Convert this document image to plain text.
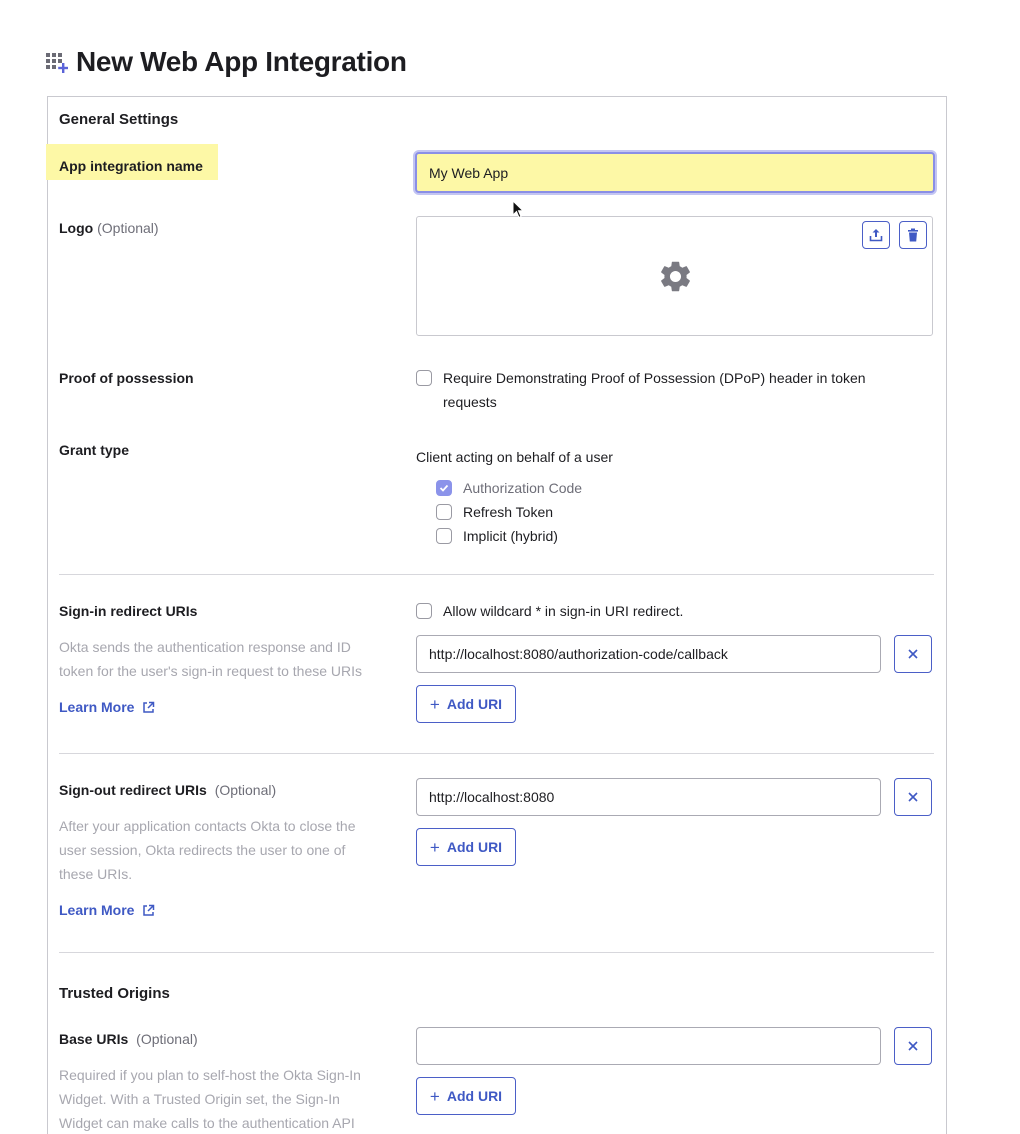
New Web App Integration
General Settings
App integration name
My Web App
Logo (Optional)
Proof of possession	Require Demonstrating Proof of Possession (DPoP) header in token
requests
Grant type	Client acting on behalf of a user
Authorization Code
Refresh Token
Implicit (hybrid)
Sign-in redirect URIs
Okta sends the authentication response and ID
token for the user's sign-in request to these URIs
Learn More
Allow wildcard * in sign-in URI redirect.
http://localhost:8080/authorization-code/callback
+ Add URI
Sign-out redirect URIs (Optional)
After your application contacts Okta to close the
user session, Okta redirects the user to one of
these URIs.
Learn More
http://localhost:8080
+ Add URI
Trusted Origins
Base URIs (Optional)
Required if you plan to self-host the Okta Sign-In
Widget. With a Trusted Origin set, the Sign-In
Widget can make calls to the authentication API
+ Add URI
